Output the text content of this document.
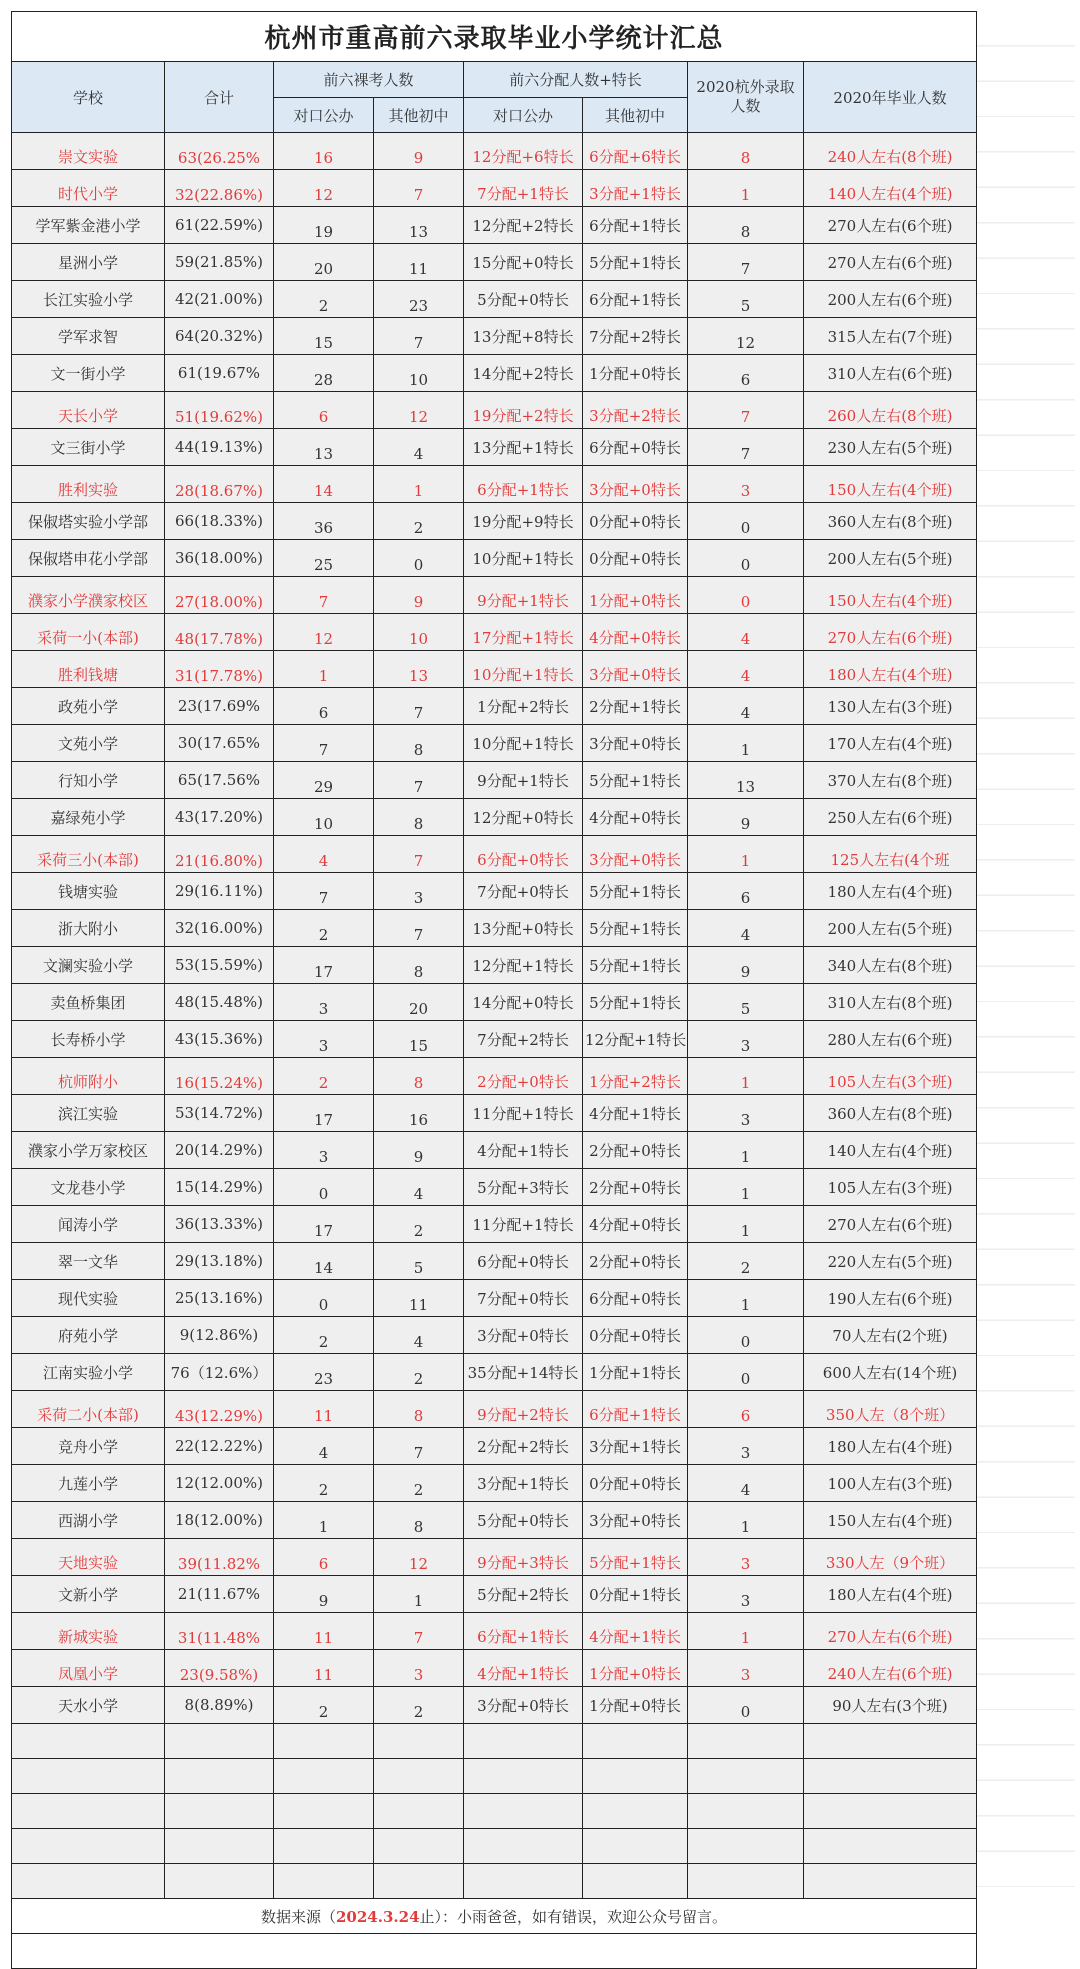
杭州市重高前六录取毕业小学统计汇总							
学校	合计	前六裸考人数		前六分配人数+特长		2020杭外录取人数	2020年毕业人数
		对口公办	其他初中	对口公办	其他初中		
崇文实验	63(26.25%	16	9	12分配+6特长	6分配+6特长	8	240人左右(8个班)
时代小学	32(22.86%)	12	7	7分配+1特长	3分配+1特长	1	140人左右(4个班)
学军紫金港小学	61(22.59%)	19	13	12分配+2特长	6分配+1特长	8	270人左右(6个班)
星洲小学	59(21.85%)	20	11	15分配+0特长	5分配+1特长	7	270人左右(6个班)
长江实验小学	42(21.00%)	2	23	5分配+0特长	6分配+1特长	5	200人左右(6个班)
学军求智	64(20.32%)	15	7	13分配+8特长	7分配+2特长	12	315人左右(7个班)
文一街小学	61(19.67%	28	10	14分配+2特长	1分配+0特长	6	310人左右(6个班)
天长小学	51(19.62%)	6	12	19分配+2特长	3分配+2特长	7	260人左右(8个班)
文三街小学	44(19.13%)	13	4	13分配+1特长	6分配+0特长	7	230人左右(5个班)
胜利实验	28(18.67%)	14	1	6分配+1特长	3分配+0特长	3	150人左右(4个班)
保俶塔实验小学部	66(18.33%)	36	2	19分配+9特长	0分配+0特长	0	360人左右(8个班)
保俶塔申花小学部	36(18.00%)	25	0	10分配+1特长	0分配+0特长	0	200人左右(5个班)
濮家小学濮家校区	27(18.00%)	7	9	9分配+1特长	1分配+0特长	0	150人左右(4个班)
采荷一小(本部)	48(17.78%)	12	10	17分配+1特长	4分配+0特长	4	270人左右(6个班)
胜利钱塘	31(17.78%)	1	13	10分配+1特长	3分配+0特长	4	180人左右(4个班)
政苑小学	23(17.69%	6	7	1分配+2特长	2分配+1特长	4	130人左右(3个班)
文苑小学	30(17.65%	7	8	10分配+1特长	3分配+0特长	1	170人左右(4个班)
行知小学	65(17.56%	29	7	9分配+1特长	5分配+1特长	13	370人左右(8个班)
嘉绿苑小学	43(17.20%)	10	8	12分配+0特长	4分配+0特长	9	250人左右(6个班)
采荷三小(本部)	21(16.80%)	4	7	6分配+0特长	3分配+0特长	1	125人左右(4个班
钱塘实验	29(16.11%)	7	3	7分配+0特长	5分配+1特长	6	180人左右(4个班)
浙大附小	32(16.00%)	2	7	13分配+0特长	5分配+1特长	4	200人左右(5个班)
文澜实验小学	53(15.59%)	17	8	12分配+1特长	5分配+1特长	9	340人左右(8个班)
卖鱼桥集团	48(15.48%)	3	20	14分配+0特长	5分配+1特长	5	310人左右(8个班)
长寿桥小学	43(15.36%)	3	15	7分配+2特长	12分配+1特长	3	280人左右(6个班)
杭师附小	16(15.24%)	2	8	2分配+0特长	1分配+2特长	1	105人左右(3个班)
滨江实验	53(14.72%)	17	16	11分配+1特长	4分配+1特长	3	360人左右(8个班)
濮家小学万家校区	20(14.29%)	3	9	4分配+1特长	2分配+0特长	1	140人左右(4个班)
文龙巷小学	15(14.29%)	0	4	5分配+3特长	2分配+0特长	1	105人左右(3个班)
闻涛小学	36(13.33%)	17	2	11分配+1特长	4分配+0特长	1	270人左右(6个班)
翠一文华	29(13.18%)	14	5	6分配+0特长	2分配+0特长	2	220人左右(5个班)
现代实验	25(13.16%)	0	11	7分配+0特长	6分配+0特长	1	190人左右(6个班)
府苑小学	9(12.86%)	2	4	3分配+0特长	0分配+0特长	0	70人左右(2个班)
江南实验小学	76（12.6%）	23	2	35分配+14特长	1分配+1特长	0	600人左右(14个班)
采荷二小(本部)	43(12.29%)	11	8	9分配+2特长	6分配+1特长	6	350人左（8个班）
竞舟小学	22(12.22%)	4	7	2分配+2特长	3分配+1特长	3	180人左右(4个班)
九莲小学	12(12.00%)	2	2	3分配+1特长	0分配+0特长	4	100人左右(3个班)
西湖小学	18(12.00%)	1	8	5分配+0特长	3分配+0特长	1	150人左右(4个班)
天地实验	39(11.82%	6	12	9分配+3特长	5分配+1特长	3	330人左（9个班）
文新小学	21(11.67%	9	1	5分配+2特长	0分配+1特长	3	180人左右(4个班)
新城实验	31(11.48%	11	7	6分配+1特长	4分配+1特长	1	270人左右(6个班)
凤凰小学	23(9.58%)	11	3	4分配+1特长	1分配+0特长	3	240人左右(6个班)
天水小学	8(8.89%)	2	2	3分配+0特长	1分配+0特长	0	90人左右(3个班)

数据来源（2024.3.24止）：小雨爸爸，如有错误，欢迎公众号留言。							
